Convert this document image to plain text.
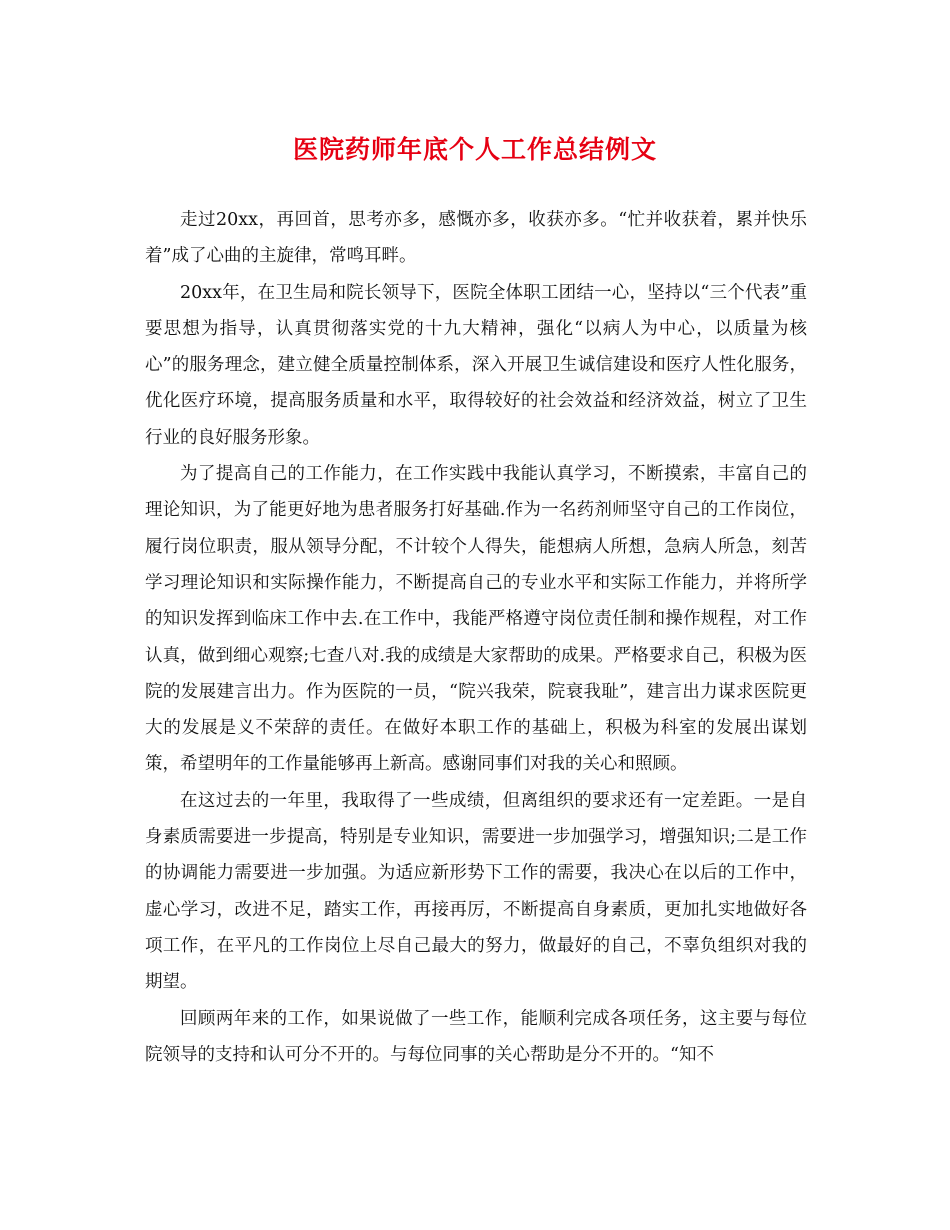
医院药师年底个人工作总结例文

走过20xx，再回首，思考亦多，感慨亦多，收获亦多。“忙并收获着，累并快乐着”成了心曲的主旋律，常鸣耳畔。

20xx年，在卫生局和院长领导下，医院全体职工团结一心，坚持以“三个代表”重要思想为指导，认真贯彻落实党的十九大精神，强化“以病人为中心，以质量为核心”的服务理念，建立健全质量控制体系，深入开展卫生诚信建设和医疗人性化服务，优化医疗环境，提高服务质量和水平，取得较好的社会效益和经济效益，树立了卫生行业的良好服务形象。

为了提高自己的工作能力，在工作实践中我能认真学习，不断摸索，丰富自己的理论知识，为了能更好地为患者服务打好基础.作为一名药剂师坚守自己的工作岗位，履行岗位职责，服从领导分配，不计较个人得失，能想病人所想，急病人所急，刻苦学习理论知识和实际操作能力，不断提高自己的专业水平和实际工作能力，并将所学的知识发挥到临床工作中去.在工作中，我能严格遵守岗位责任制和操作规程，对工作认真，做到细心观察;七查八对.我的成绩是大家帮助的成果。严格要求自己，积极为医院的发展建言出力。作为医院的一员，“院兴我荣，院衰我耻”，建言出力谋求医院更大的发展是义不荣辞的责任。在做好本职工作的基础上，积极为科室的发展出谋划策，希望明年的工作量能够再上新高。感谢同事们对我的关心和照顾。

在这过去的一年里，我取得了一些成绩，但离组织的要求还有一定差距。一是自身素质需要进一步提高，特别是专业知识，需要进一步加强学习，增强知识;二是工作的协调能力需要进一步加强。为适应新形势下工作的需要，我决心在以后的工作中，虚心学习，改进不足，踏实工作，再接再厉，不断提高自身素质，更加扎实地做好各项工作，在平凡的工作岗位上尽自己最大的努力，做最好的自己，不辜负组织对我的期望。

回顾两年来的工作，如果说做了一些工作，能顺利完成各项任务，这主要与每位院领导的支持和认可分不开的。与每位同事的关心帮助是分不开的。“知不
